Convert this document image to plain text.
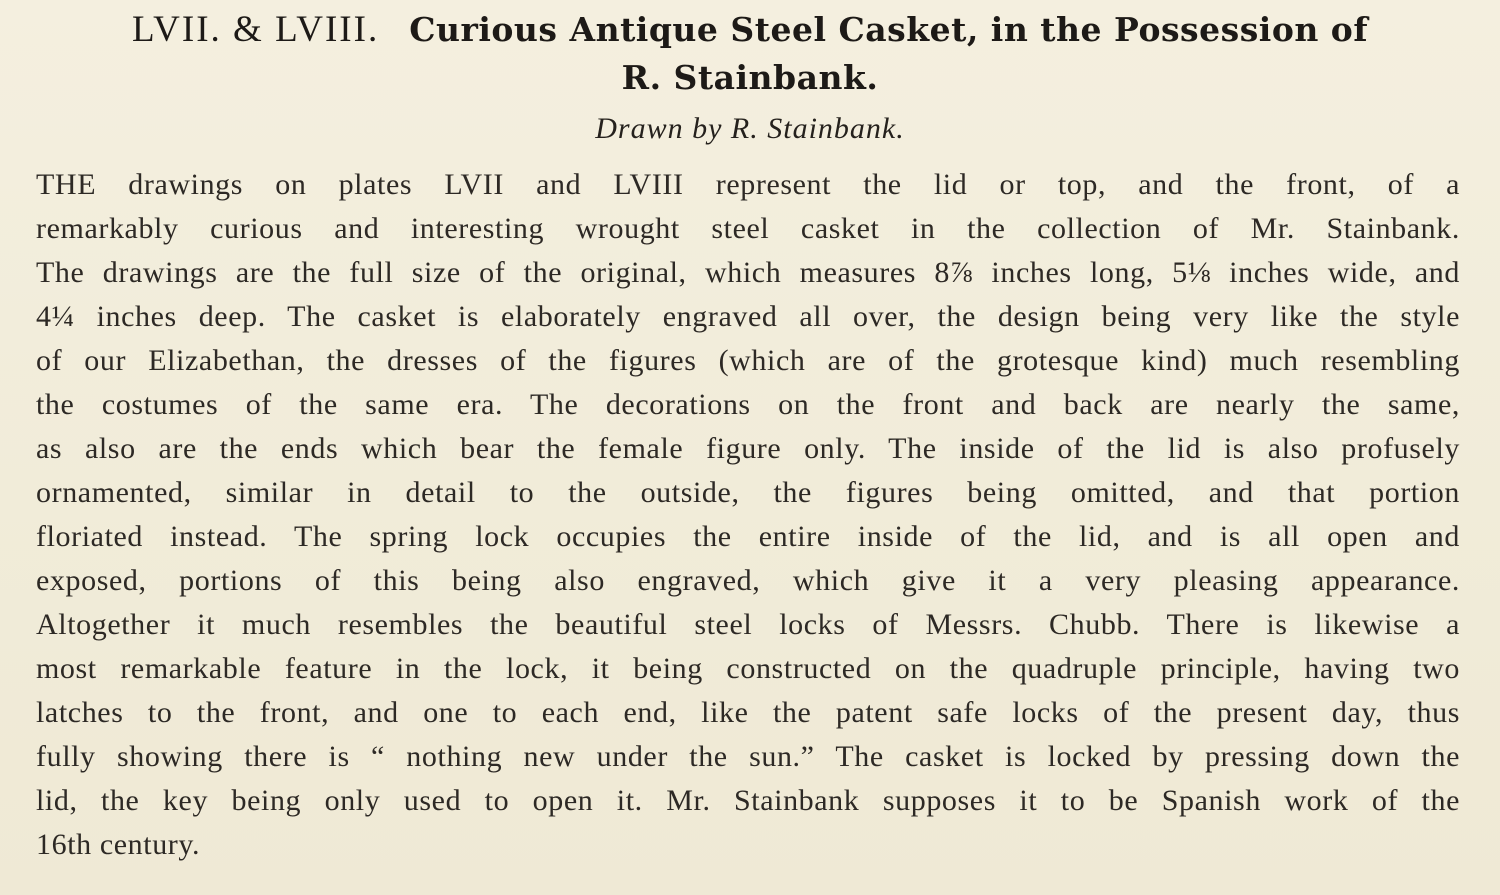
LVII. & LVIII. Curious Antique Steel Casket, in the Possession of
R. Stainbank.
Drawn by R. Stainbank.
THE drawings on plates LVII and LVIII represent the lid or top, and the front, of a
remarkably curious and interesting wrought steel casket in the collection of Mr. Stainbank.
The drawings are the full size of the original, which measures 8⅞ inches long, 5⅛ inches wide, and
4¼ inches deep. The casket is elaborately engraved all over, the design being very like the style
of our Elizabethan, the dresses of the figures (which are of the grotesque kind) much resembling
the costumes of the same era. The decorations on the front and back are nearly the same,
as also are the ends which bear the female figure only. The inside of the lid is also profusely
ornamented, similar in detail to the outside, the figures being omitted, and that portion
floriated instead. The spring lock occupies the entire inside of the lid, and is all open and
exposed, portions of this being also engraved, which give it a very pleasing appearance.
Altogether it much resembles the beautiful steel locks of Messrs. Chubb. There is likewise a
most remarkable feature in the lock, it being constructed on the quadruple principle, having two
latches to the front, and one to each end, like the patent safe locks of the present day, thus
fully showing there is “ nothing new under the sun.” The casket is locked by pressing down the
lid, the key being only used to open it. Mr. Stainbank supposes it to be Spanish work of the
16th century.
